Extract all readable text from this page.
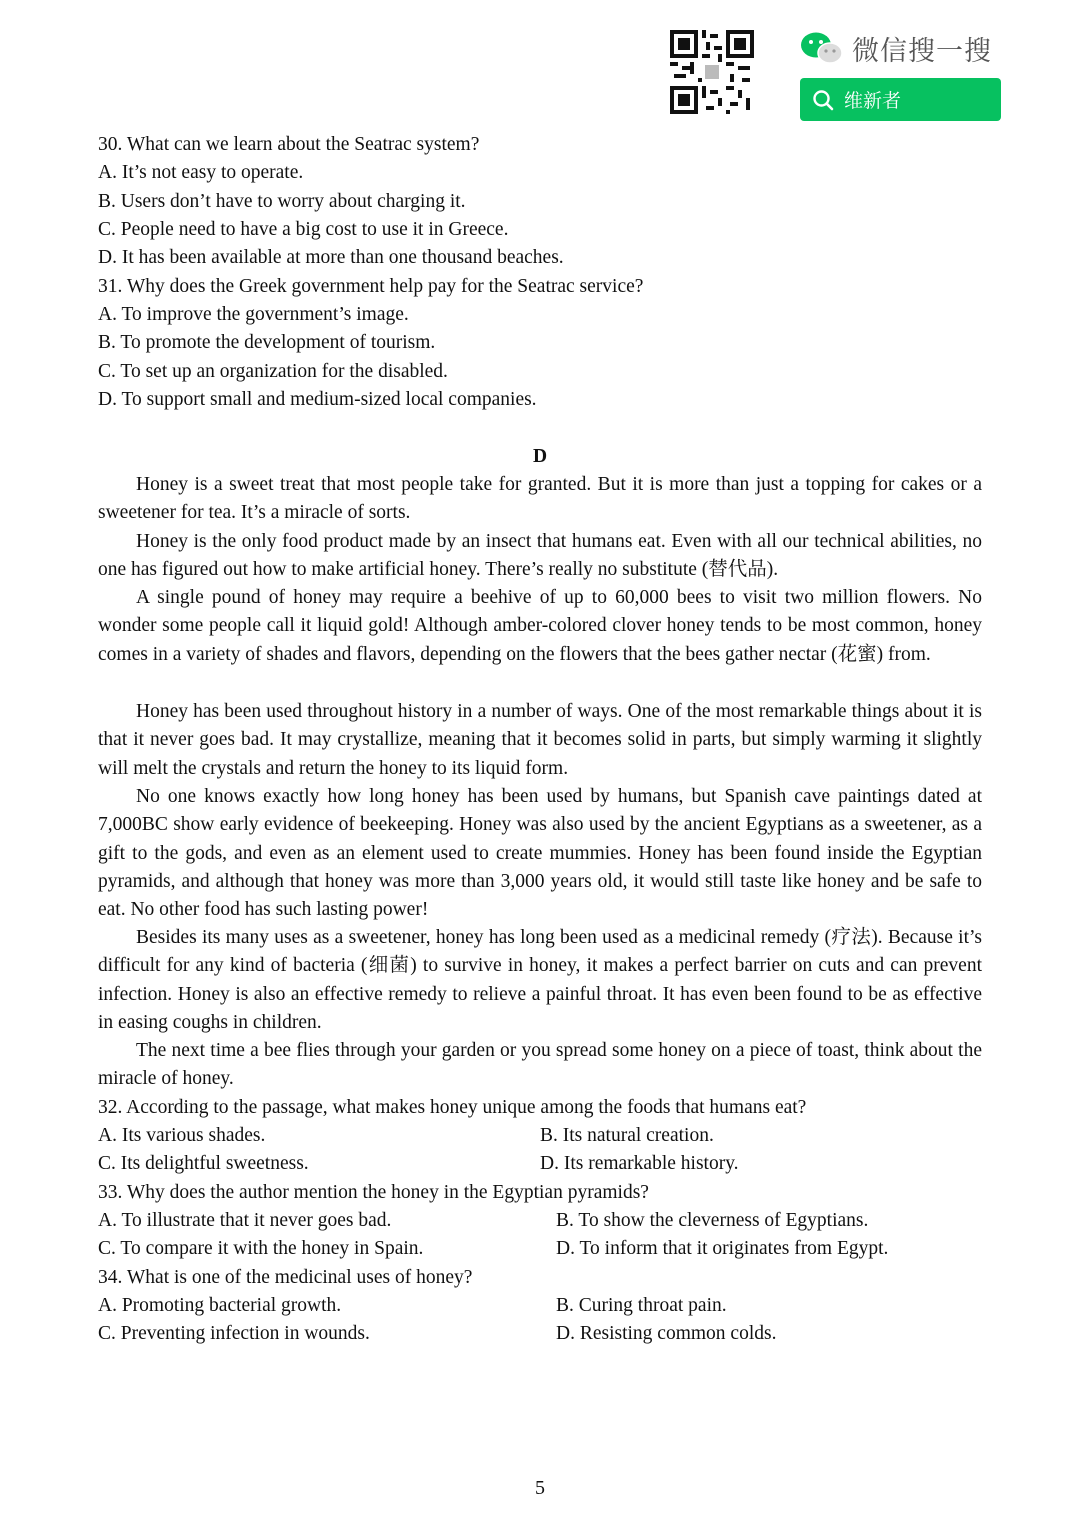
微信搜一搜
维新者
30. What can we learn about the Seatrac system?
A. It’s not easy to operate.
B. Users don’t have to worry about charging it.
C. People need to have a big cost to use it in Greece.
D. It has been available at more than one thousand beaches.
31. Why does the Greek government help pay for the Seatrac service?
A. To improve the government’s image.
B. To promote the development of tourism.
C. To set up an organization for the disabled.
D. To support small and medium-sized local companies.
D
Honey is a sweet treat that most people take for granted. But it is more than just a topping for cakes or a sweetener for tea. It’s a miracle of sorts.
Honey is the only food product made by an insect that humans eat. Even with all our technical abilities, no one has figured out how to make artificial honey. There’s really no substitute (替代品).
A single pound of honey may require a beehive of up to 60,000 bees to visit two million flowers. No wonder some people call it liquid gold! Although amber-colored clover honey tends to be most common, honey comes in a variety of shades and flavors, depending on the flowers that the bees gather nectar (花蜜) from.
Honey has been used throughout history in a number of ways. One of the most remarkable things about it is that it never goes bad. It may crystallize, meaning that it becomes solid in parts, but simply warming it slightly will melt the crystals and return the honey to its liquid form.
No one knows exactly how long honey has been used by humans, but Spanish cave paintings dated at 7,000BC show early evidence of beekeeping. Honey was also used by the ancient Egyptians as a sweetener, as a gift to the gods, and even as an element used to create mummies. Honey has been found inside the Egyptian pyramids, and although that honey was more than 3,000 years old, it would still taste like honey and be safe to eat. No other food has such lasting power!
Besides its many uses as a sweetener, honey has long been used as a medicinal remedy (疗法). Because it’s difficult for any kind of bacteria (细菌) to survive in honey, it makes a perfect barrier on cuts and can prevent infection. Honey is also an effective remedy to relieve a painful throat. It has even been found to be as effective in easing coughs in children.
The next time a bee flies through your garden or you spread some honey on a piece of toast, think about the miracle of honey.
32. According to the passage, what makes honey unique among the foods that humans eat?
A. Its various shades.	B. Its natural creation.
C. Its delightful sweetness.	D. Its remarkable history.
33. Why does the author mention the honey in the Egyptian pyramids?
A. To illustrate that it never goes bad.	B. To show the cleverness of Egyptians.
C. To compare it with the honey in Spain.	D. To inform that it originates from Egypt.
34. What is one of the medicinal uses of honey?
A. Promoting bacterial growth.	B. Curing throat pain.
C. Preventing infection in wounds.	D. Resisting common colds.
5
